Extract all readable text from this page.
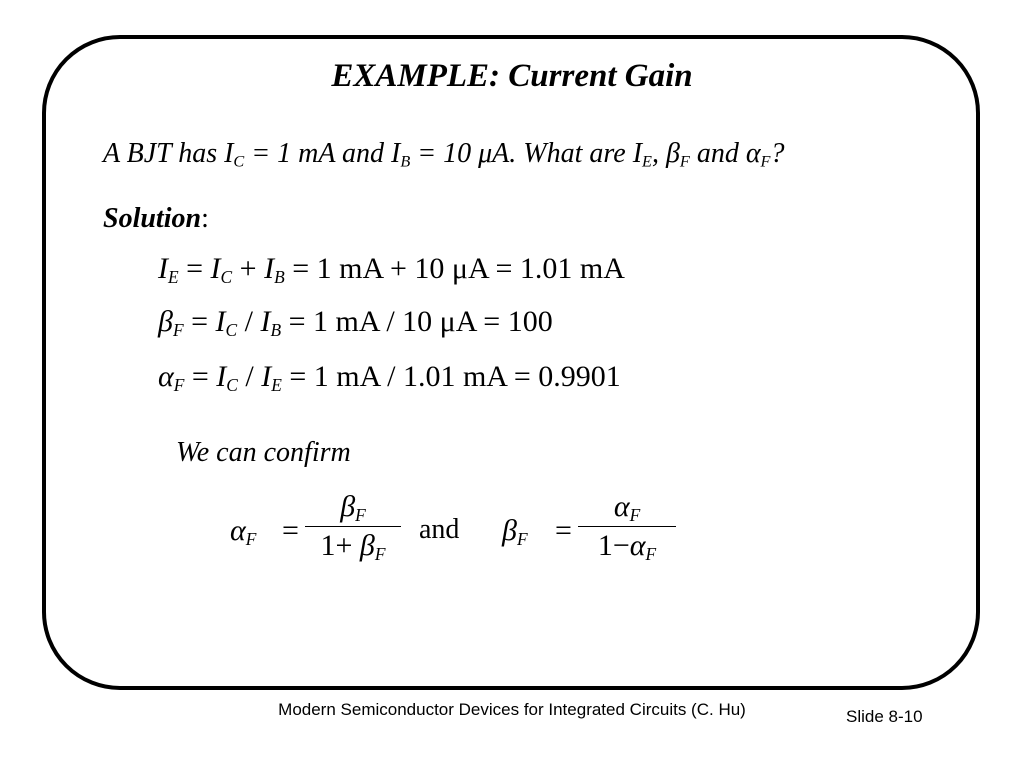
EXAMPLE: Current Gain
A BJT has $I_C = 1$ mA and $I_B = 10$ μA. What are $I_E$, $\beta_F$ and $\alpha_F$?
Solution:
$I_E = I_C + I_B = 1$ mA + 10 μA = 1.01 mA
$\beta_F = I_C / I_B = 1$ mA / 10 μA = 100
$\alpha_F = I_C / I_E = 1$ mA / 1.01 mA = 0.9901
We can confirm
$\alpha_F$ =
$\beta_F$
$1+ \beta_F$
and $\beta_F$ =
$\alpha_F$
$1-\alpha_F$
Modern Semiconductor Devices for Integrated Circuits (C. Hu)	Slide 8-10
